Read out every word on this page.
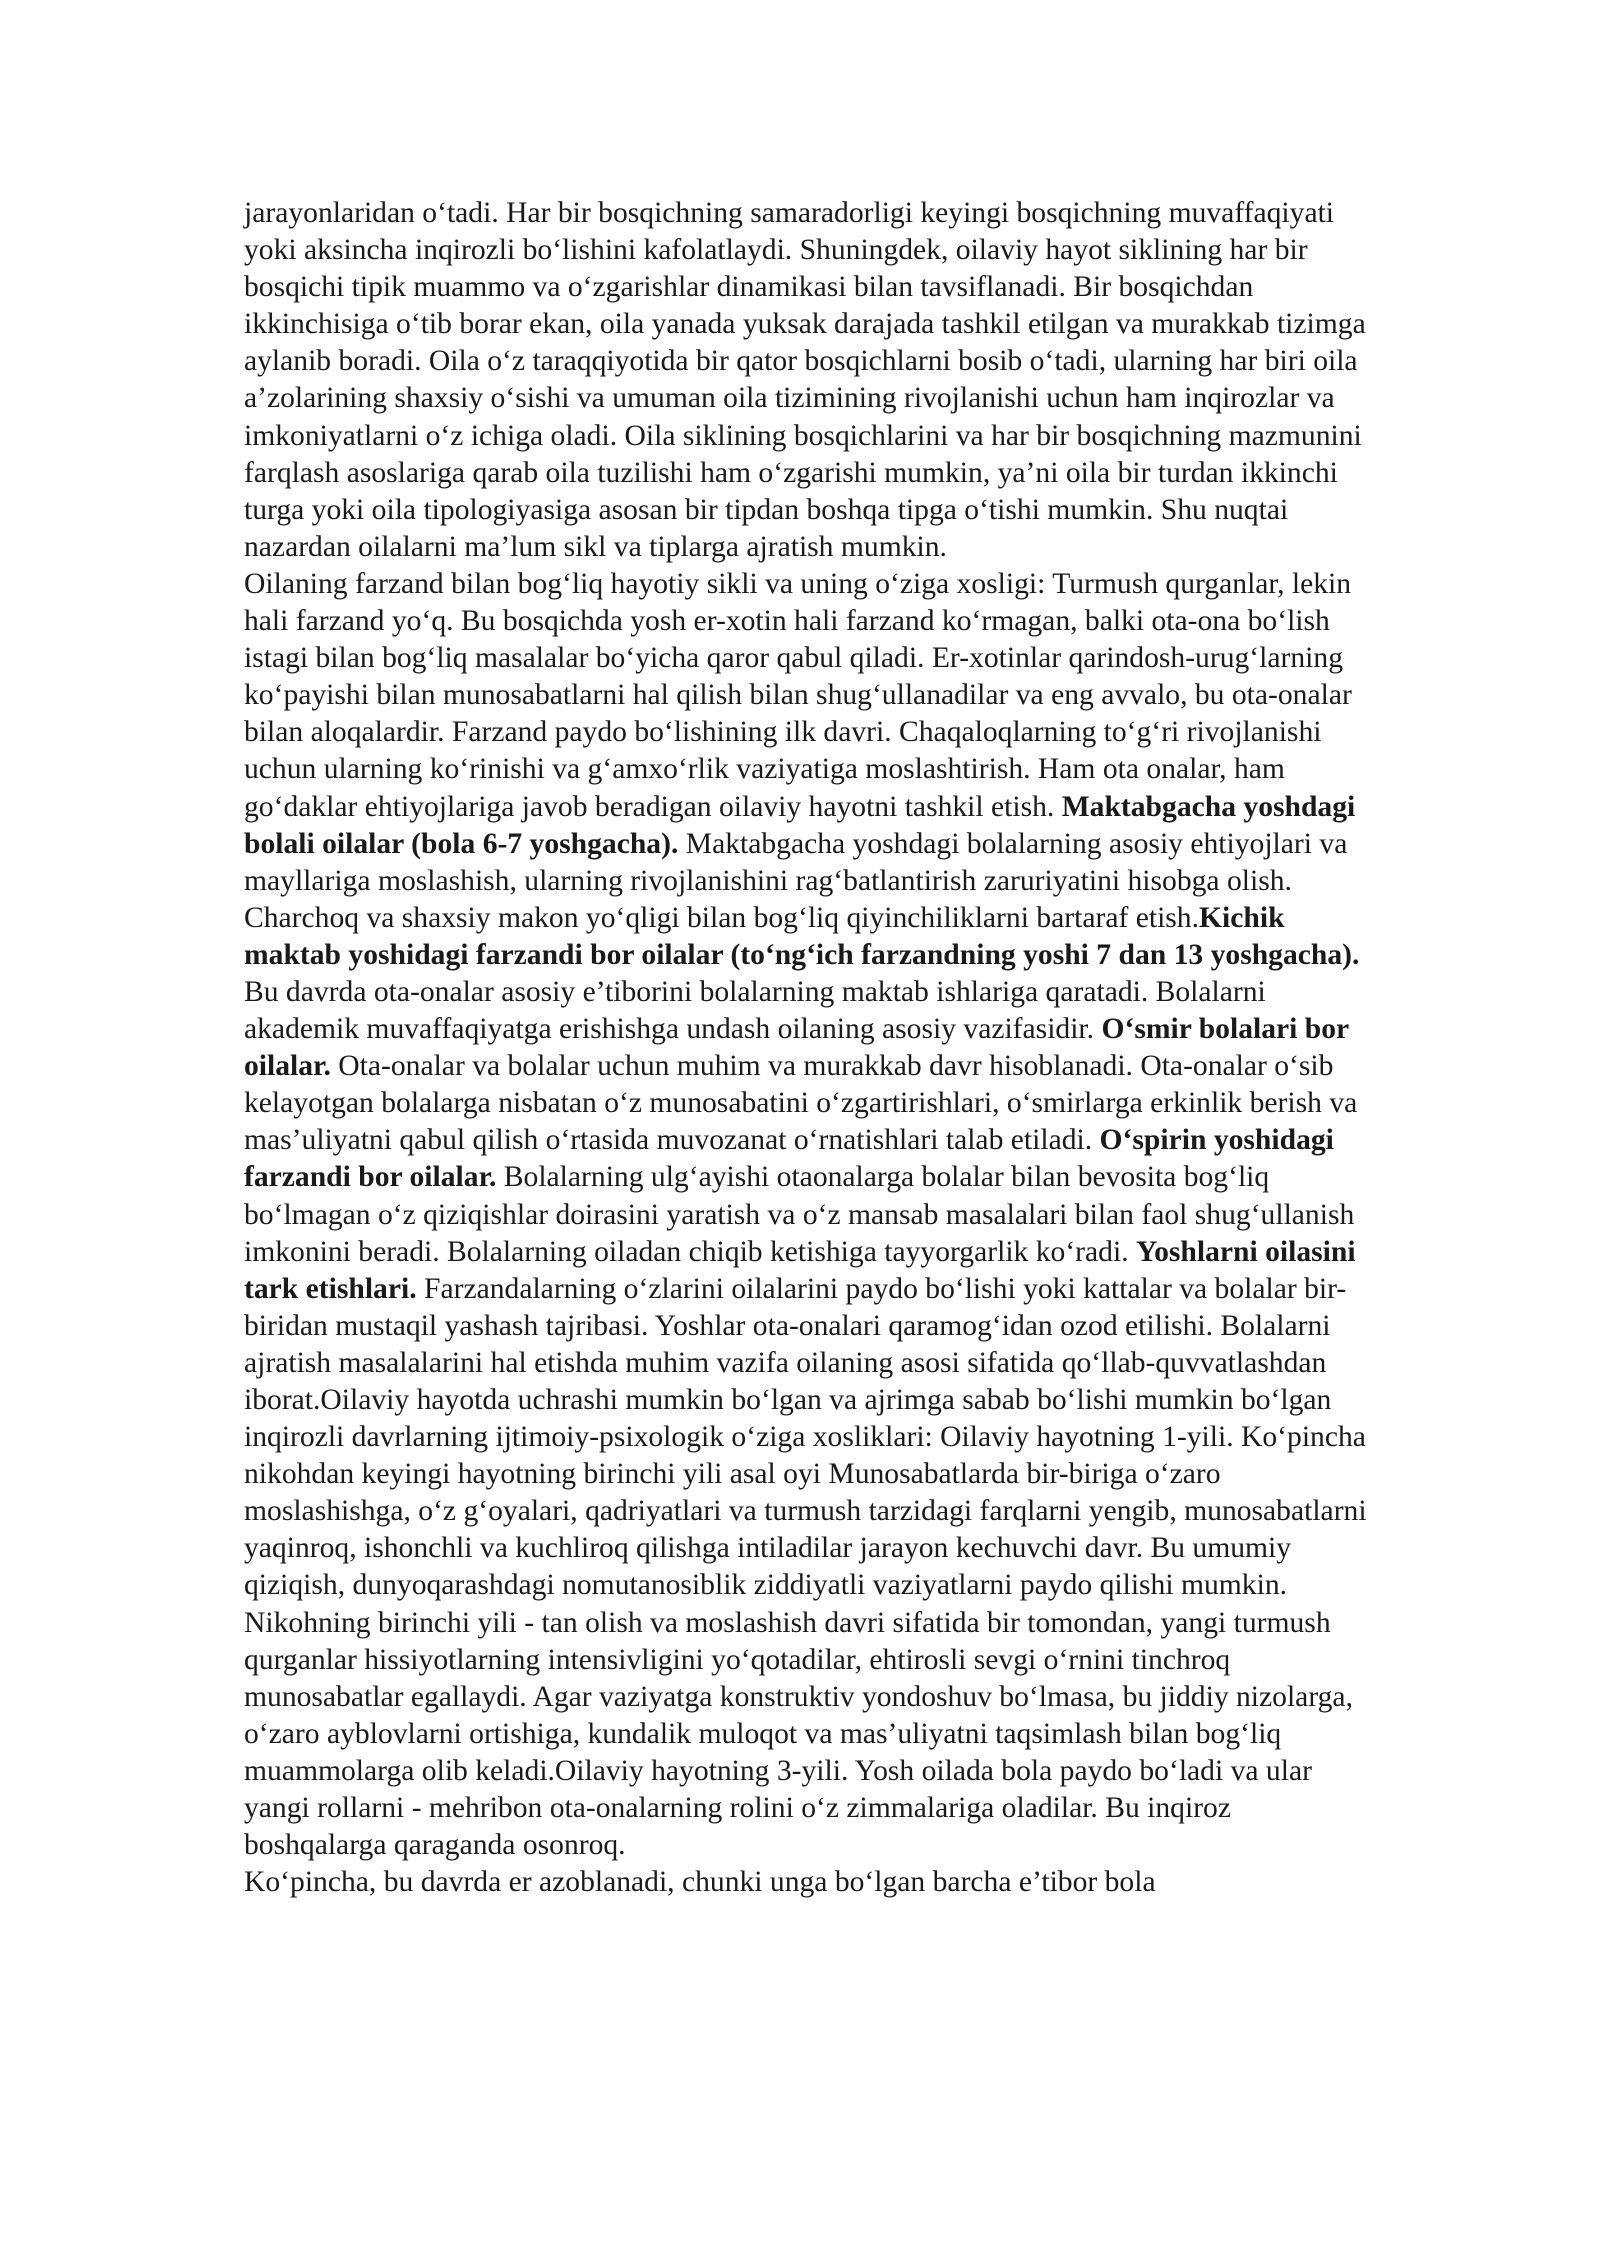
jarayonlaridan o‘tadi. Har bir bosqichning samaradorligi keyingi bosqichning muvaffaqiyati yoki aksincha inqirozli bo‘lishini kafolatlaydi. Shuningdek, oilaviy hayot siklining har bir bosqichi tipik muammo va o‘zgarishlar dinamikasi bilan tavsiflanadi. Bir bosqichdan ikkinchisiga o‘tib borar ekan, oila yanada yuksak darajada tashkil etilgan va murakkab tizimga aylanib boradi. Oila o‘z taraqqiyotida bir qator bosqichlarni bosib o‘tadi, ularning har biri oila a’zolarining shaxsiy o‘sishi va umuman oila tizimining rivojlanishi uchun ham inqirozlar va imkoniyatlarni o‘z ichiga oladi. Oila siklining bosqichlarini va har bir bosqichning mazmunini farqlash asoslariga qarab oila tuzilishi ham o‘zgarishi mumkin, ya’ni oila bir turdan ikkinchi turga yoki oila tipologiyasiga asosan bir tipdan boshqa tipga o‘tishi mumkin. Shu nuqtai nazardan oilalarni ma’lum sikl va tiplarga ajratish mumkin.

Oilaning farzand bilan bog‘liq hayotiy sikli va uning o‘ziga xosligi: Turmush qurganlar, lekin hali farzand yo‘q. Bu bosqichda yosh er-xotin hali farzand ko‘rmagan, balki ota-ona bo‘lish istagi bilan bog‘liq masalalar bo‘yicha qaror qabul qiladi. Er-xotinlar qarindosh-urug‘larning ko‘payishi bilan munosabatlarni hal qilish bilan shug‘ullanadilar va eng avvalo, bu ota-onalar bilan aloqalardir. Farzand paydo bo‘lishining ilk davri. Chaqaloqlarning to‘g‘ri rivojlanishi uchun ularning ko‘rinishi va g‘amxo‘rlik vaziyatiga moslashtirish. Ham ota onalar, ham go‘daklar ehtiyojlariga javob beradigan oilaviy hayotni tashkil etish. Maktabgacha yoshdagi bolali oilalar (bola 6-7 yoshgacha). Maktabgacha yoshdagi bolalarning asosiy ehtiyojlari va mayllariga moslashish, ularning rivojlanishini rag‘batlantirish zaruriyatini hisobga olish. Charchoq va shaxsiy makon yo‘qligi bilan bog‘liq qiyinchiliklarni bartaraf etish.Kichik maktab yoshidagi farzandi bor oilalar (to‘ng‘ich farzandning yoshi 7 dan 13 yoshgacha). Bu davrda ota-onalar asosiy e’tiborini bolalarning maktab ishlariga qaratadi. Bolalarni akademik muvaffaqiyatga erishishga undash oilaning asosiy vazifasidir. O‘smir bolalari bor oilalar. Ota-onalar va bolalar uchun muhim va murakkab davr hisoblanadi. Ota-onalar o‘sib kelayotgan bolalarga nisbatan o‘z munosabatini o‘zgartirishlari, o‘smirlarga erkinlik berish va mas’uliyatni qabul qilish o‘rtasida muvozanat o‘rnatishlari talab etiladi. O‘spirin yoshidagi farzandi bor oilalar. Bolalarning ulg‘ayishi otaonalarga bolalar bilan bevosita bog‘liq bo‘lmagan o‘z qiziqishlar doirasini yaratish va o‘z mansab masalalari bilan faol shug‘ullanish imkonini beradi. Bolalarning oiladan chiqib ketishiga tayyorgarlik ko‘radi. Yoshlarni oilasini tark etishlari. Farzandalarning o‘zlarini oilalarini paydo bo‘lishi yoki kattalar va bolalar bir-biridan mustaqil yashash tajribasi. Yoshlar ota-onalari qaramog‘idan ozod etilishi. Bolalarni ajratish masalalarini hal etishda muhim vazifa oilaning asosi sifatida qo‘llab-quvvatlashdan iborat.Oilaviy hayotda uchrashi mumkin bo‘lgan va ajrimga sabab bo‘lishi mumkin bo‘lgan inqirozli davrlarning ijtimoiy-psixologik o‘ziga xosliklari: Oilaviy hayotning 1-yili. Ko‘pincha nikohdan keyingi hayotning birinchi yili asal oyi Munosabatlarda bir-biriga o‘zaro moslashishga, o‘z g‘oyalari, qadriyatlari va turmush tarzidagi farqlarni yengib, munosabatlarni yaqinroq, ishonchli va kuchliroq qilishga intiladilar jarayon kechuvchi davr. Bu umumiy qiziqish, dunyoqarashdagi nomutanosiblik ziddiyatli vaziyatlarni paydo qilishi mumkin. Nikohning birinchi yili - tan olish va moslashish davri sifatida bir tomondan, yangi turmush qurganlar hissiyotlarning intensivligini yo‘qotadilar, ehtirosli sevgi o‘rnini tinchroq munosabatlar egallaydi. Agar vaziyatga konstruktiv yondoshuv bo‘lmasa, bu jiddiy nizolarga, o‘zaro ayblovlarni ortishiga, kundalik muloqot va mas’uliyatni taqsimlash bilan bog‘liq muammolarga olib keladi.Oilaviy hayotning 3-yili. Yosh oilada bola paydo bo‘ladi va ular yangi rollarni - mehribon ota-onalarning rolini o‘z zimmalariga oladilar. Bu inqiroz boshqalarga qaraganda osonroq.

Ko‘pincha, bu davrda er azoblanadi, chunki unga bo‘lgan barcha e’tibor bola
